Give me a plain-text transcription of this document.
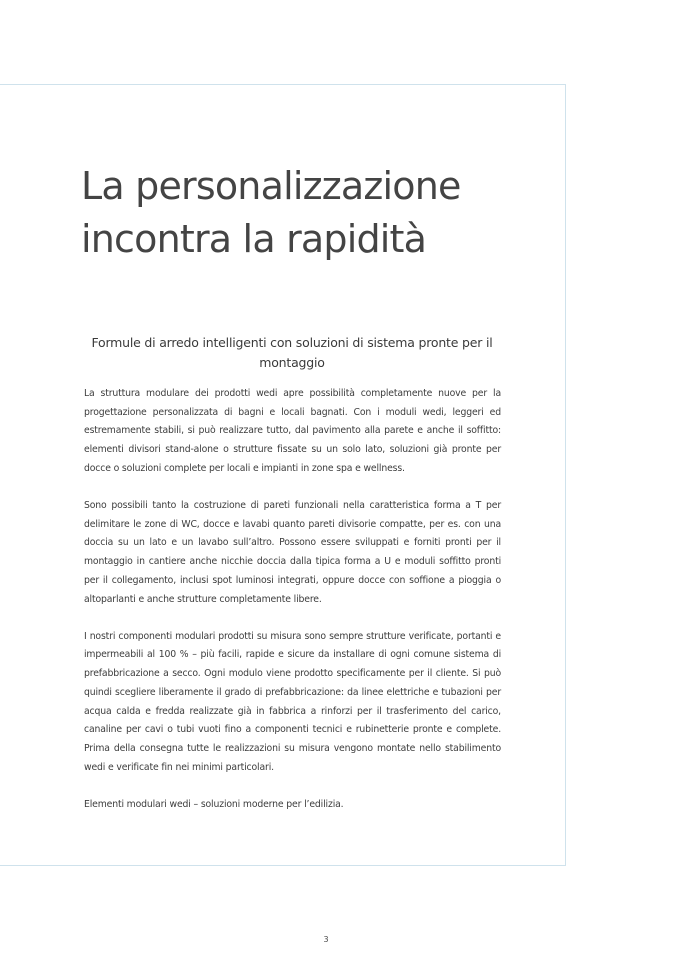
La personalizzazione
incontra la rapidità
Formule di arredo intelligenti con soluzioni di sistema pronte per il montaggio

La struttura modulare dei prodotti wedi apre possibilità completamente nuove per la progettazione personalizzata di bagni e locali bagnati. Con i moduli wedi, leggeri ed estremamente stabili, si può realizzare tutto, dal pavimento alla parete e anche il soffitto: elementi divisori stand-alone o strutture fissate su un solo lato, soluzioni già pronte per docce o soluzioni complete per locali e impianti in zone spa e wellness.

Sono possibili tanto la costruzione di pareti funzionali nella caratteristica forma a T per delimitare le zone di WC, docce e lavabi quanto pareti divisorie compatte, per es. con una doccia su un lato e un lavabo sull’altro. Possono essere sviluppati e forniti pronti per il montaggio in cantiere anche nicchie doccia dalla tipica forma a U e moduli soffitto pronti per il collegamento, inclusi spot luminosi integrati, oppure docce con soffione a pioggia o altoparlanti e anche strutture completamente libere.

I nostri componenti modulari prodotti su misura sono sempre strutture verificate, portanti e impermeabili al 100 % – più facili, rapide e sicure da installare di ogni comune sistema di prefabbricazione a secco. Ogni modulo viene prodotto specificamente per il cliente. Si può quindi scegliere liberamente il grado di prefabbricazione: da linee elettriche e tubazioni per acqua calda e fredda realizzate già in fabbrica a rinforzi per il trasferimento del carico, canaline per cavi o tubi vuoti fino a componenti tecnici e rubinetterie pronte e complete. Prima della consegna tutte le realizzazioni su misura vengono montate nello stabilimento wedi e verificate fin nei minimi particolari.

Elementi modulari wedi – soluzioni moderne per l’edilizia.

3
